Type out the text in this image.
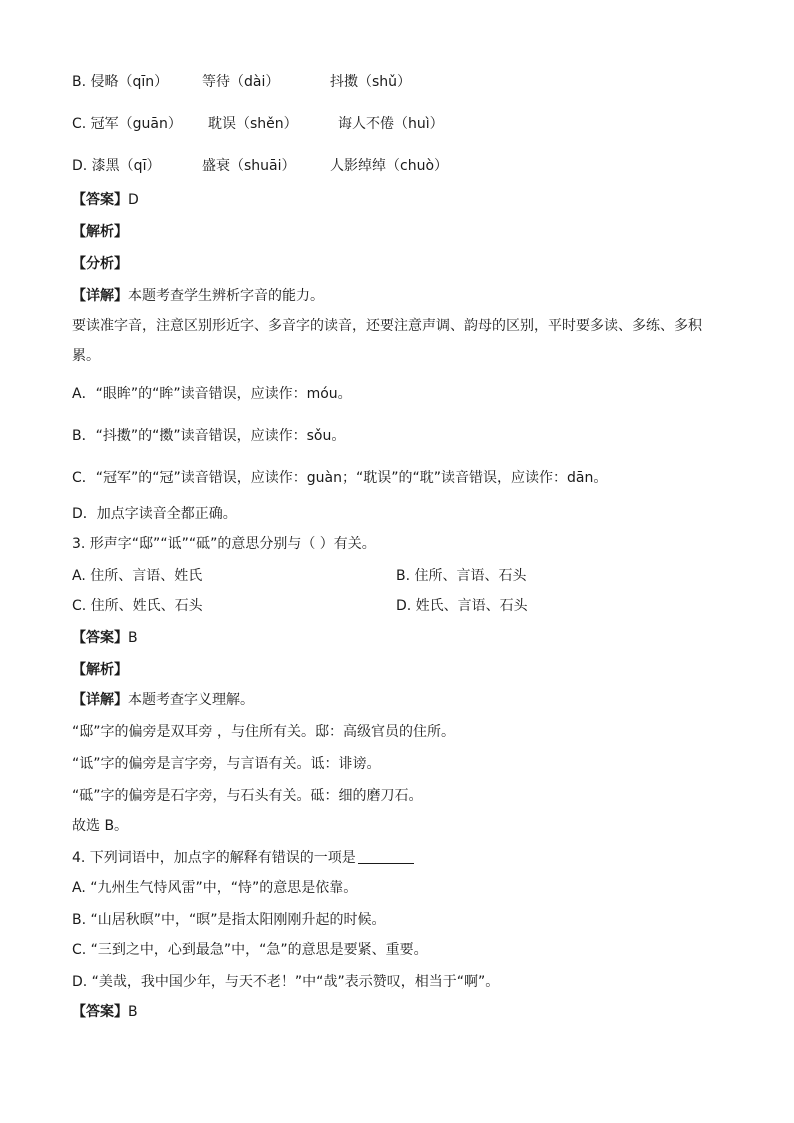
B. 侵略（qīn） 等待（dài）	抖擞（shǔ）
C. 冠军（guān） 耽误（shěn）	诲人不倦（huì）
D. 漆黑（qī）	盛衰（shuāi） 人影绰绰（chuò）
【答案】D
【解析】
【分析】
【详解】本题考查学生辨析字音的能力。
要读准字音，注意区别形近字、多音字的读音，还要注意声调、韵母的区别，平时要多读、多练、多积
累。
A．“眼眸”的“眸”读音错误，应读作：móu。
B．“抖擞”的“擞”读音错误，应读作：sǒu。
C．“冠军”的“冠”读音错误，应读作：guàn；“耽误”的“耽”读音错误，应读作：dān。
D．加点字读音全都正确。
3. 形声字“邸”“诋”“砥”的意思分别与（ ）有关。
A. 住所、言语、姓氏	B. 住所、言语、石头
C. 住所、姓氏、石头	D. 姓氏、言语、石头
【答案】B
【解析】
【详解】本题考查字义理解。
“邸”字的偏旁是双耳旁 ，与住所有关。邸：高级官员的住所。
“诋”字的偏旁是言字旁，与言语有关。诋：诽谤。
“砥”字的偏旁是石字旁，与石头有关。砥：细的磨刀石。
故选 B。
4. 下列词语中，加点字的解释有错误的一项是
A. “九州生气恃风雷”中，“恃”的意思是依靠。
B. “山居秋暝”中，“暝”是指太阳刚刚升起的时候。
C. “三到之中，心到最急”中，“急”的意思是要紧、重要。
D. “美哉，我中国少年，与天不老！”中“哉”表示赞叹，相当于“啊”。
【答案】B
